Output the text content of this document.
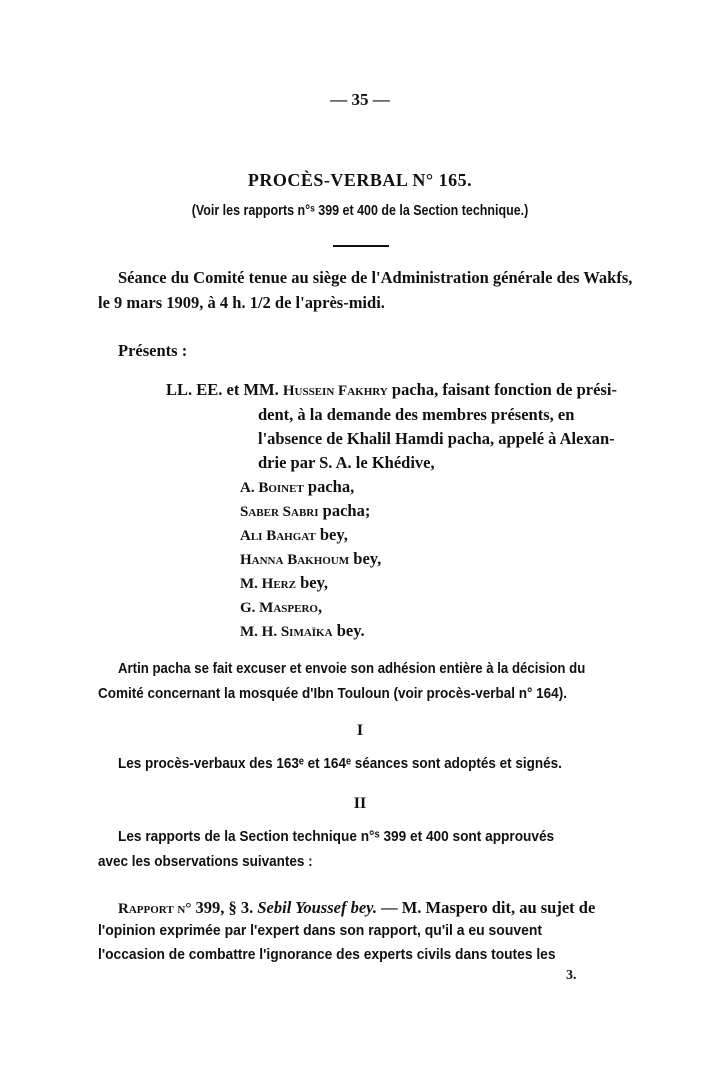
— 35 —
PROCÈS-VERBAL N° 165.
(Voir les rapports n°ˢ 399 et 400 de la Section technique.)
Séance du Comité tenue au siège de l'Administration générale des Wakfs,
le 9 mars 1909, à 4 h. 1/2 de l'après-midi.
Présents :
LL. EE. et MM. Hussein Fakhry pacha, faisant fonction de prési-
dent, à la demande des membres présents, en
l'absence de Khalil Hamdi pacha, appelé à Alexan-
drie par S. A. le Khédive,
A. Boinet pacha,
Saber Sabri pacha;
Ali Bahgat bey,
Hanna Bakhoum bey,
M. Herz bey,
G. Maspero,
M. H. Simaïka bey.
Artin pacha se fait excuser et envoie son adhésion entière à la décision du
Comité concernant la mosquée d'Ibn Touloun (voir procès-verbal n° 164).
I
Les procès-verbaux des 163ᵉ et 164ᵉ séances sont adoptés et signés.
II
Les rapports de la Section technique n°ˢ 399 et 400 sont approuvés
avec les observations suivantes :
Rapport n° 399, § 3. Sebil Youssef bey. — M. Maspero dit, au sujet de
l'opinion exprimée par l'expert dans son rapport, qu'il a eu souvent
l'occasion de combattre l'ignorance des experts civils dans toutes les
3.
